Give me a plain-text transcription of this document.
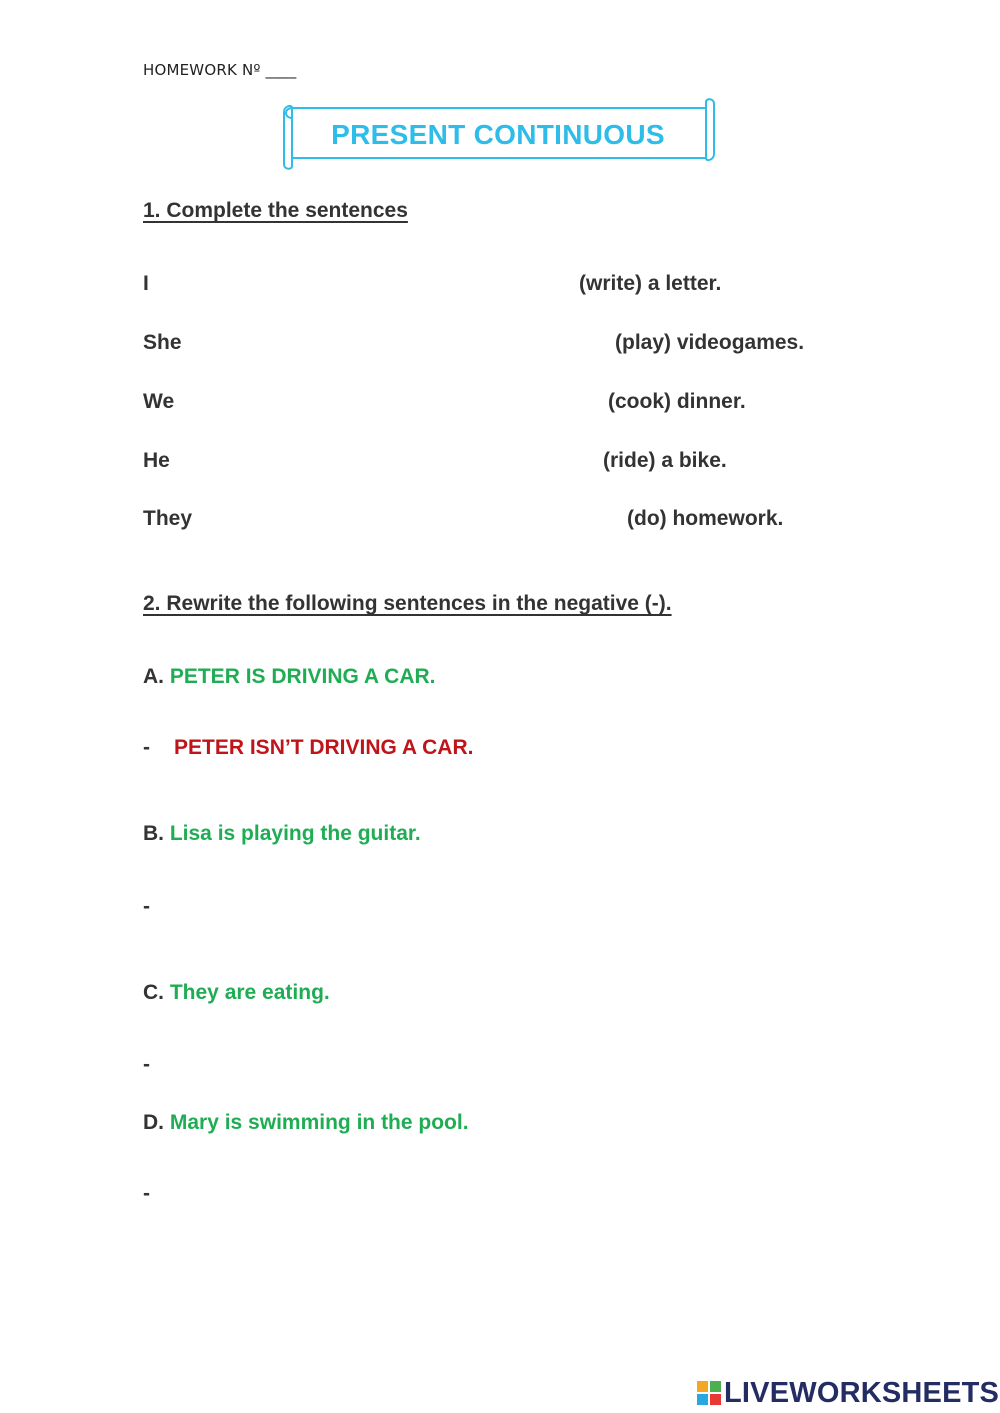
HOMEWORK Nº ____
PRESENT CONTINUOUS
1. Complete the sentences
I	(write) a letter.
She	(play) videogames.
We	(cook) dinner.
He	(ride) a bike.
They	(do) homework.
2. Rewrite the following sentences in the negative (-).
A. PETER IS DRIVING A CAR.
- PETER ISN’T DRIVING A CAR.
B. Lisa is playing the guitar.
-
C. They are eating.
-
D. Mary is swimming in the pool.
-
LIVEWORKSHEETS
